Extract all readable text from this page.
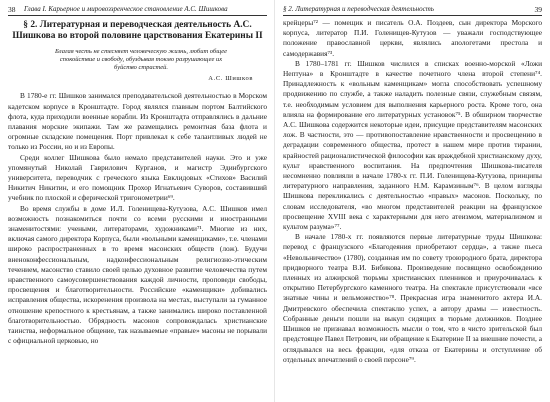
38 Глава I. Карьерное и мировоззренческое становление А.С. Шишкова
§ 2. Литературная и переводческая деятельность А.С. Шишкова во второй половине царствования Екатерины II
Благая честь не стесняет человеческую жизнь, любит общее спокойствие и свободу, обуздывая токмо разрушающее их буйство страстей.
А.С. Шишков

В 1780-е гг. Шишков занимался преподавательской деятельностью в Морском кадетском корпусе в Кронштадте. Город являлся главным портом Балтийского флота, куда приходили военные корабли. Из Кронштадта отправлялись в дальние плавания морские экипажи. Там же размещались ремонтная база флота и огромные складские помещения. Порт привлекал к себе талантливых людей не только из России, но и из Европы.

Среди коллег Шишкова было немало представителей науки. Это и уже упомянутый Николай Гаврилович Курганов, и магистр Эдинбургского университета, переводчик с греческого языка Евклидовых «Стихов» Василий Никитич Никитин, и его помощник Прохор Игнатьевич Суворов, составивший учебник по плоской и сферической тригонометрии⁶⁹.

Во время службы в доме И.Л. Голенищева-Кутузова, А.С. Шишков имел возможность познакомиться почти со всеми русскими и иностранными знаменитостями: учеными, литераторами, художниками⁷¹. Многие из них, включая самого директора Корпуса, были «вольными каменщиками», т.е. членами широко распространенных в то время масонских обществ (лож). Будучи вненоконфессиональным, надконфессиональным религиозно-этическим течением, масонство ставило своей целью духовное развитие человечества путем нравственного самоусовершенствования каждой личности, проповеди свободы, просвещения и благотворительности. Российские «каменщики» добивались исправления общества, искоренения произвола на местах, выступали за гуманное отношение крепостного к крестьянам, а также занимались широко поставленной благотворительностью. Обрядность масонов сопровождалась христианские таинства, неформальное общение, так называемые «правые» масоны не порывали с официальной церковью, но

§ 2. Литературная и переводческая деятельность	39

крейцеры⁷² — помещик и писатель О.А. Поздеев, сын директора Морского корпуса, литератор П.И. Голенищев-Кутузов — уважали господствующее положение православной церкви, являлись апологетами престола и самодержавия⁷³.

В 1780–1781 гг. Шишков числился в списках военно-морской «Ложи Нептуна» в Кронштадте в качестве почетного члена второй степени⁷⁴. Принадлежность к «вольным каменщикам» могла способствовать успешному продвижению по службе, а также наладить полезные связи, служебным связям, т.е. необходимым условием для выполнения карьерного роста. Кроме того, она влияла на формирование его литературных установок⁷⁵. В обширном творчестве А.С. Шишкова содержится некоторые идеи, присущие представителям масонских лож. В частности, это — противопоставление нравственности и просвещению в деградации современного общества, протест в нашем мире против тирании, крайностей рационалистической философии как враждебной христианскому духу, культ нравственного воспитания. На предпочтения Шишкова-писателя несомненно повлияли в начале 1780-х гг. П.И. Голенищева-Кутузова, принципы литературного направления, заданного Н.М. Карамзиным⁷⁶. В целом взгляды Шишкова перекликались с деятельностью «правых» масонов. Поскольку, по словам исследователя, «во многом представителей реакции на французское просвещение XVIII века с характерными для него атеизмом, материализмом и культом разума»⁷⁷.

В начале 1780-х гг. появляются первые литературные труды Шишкова: перевод с французского «Благодеяния приобретают сердца», а также пьеса «Невольничество» (1780), созданная им по совету троюродного брата, директора придворного театра В.И. Бибикова. Произведение посвящено освобождению пленных из алжирской тюрьмы христианских пленников и приурочивалась к открытию Петербургского каменного театра. На спектакле присутствовали «все знатные чины и вельможество»⁷⁸. Прекрасная игра знаменитого актера И.А. Дмитревского обеспечила спектаклю успех, а автору драмы — известность. Собранные деньги пошли на выкуп сидящих в тюрьме должников. Позднее Шишков не признавал возможность мысли о том, что в чисто зрительской был предстоящее Павел Петрович, ни обращение к Екатерине II за внешние почести, а оглядывался на весь фракции, «для отказа от Екатерины и отступление об отдельных впечатлений о своей персоне⁷⁹.
